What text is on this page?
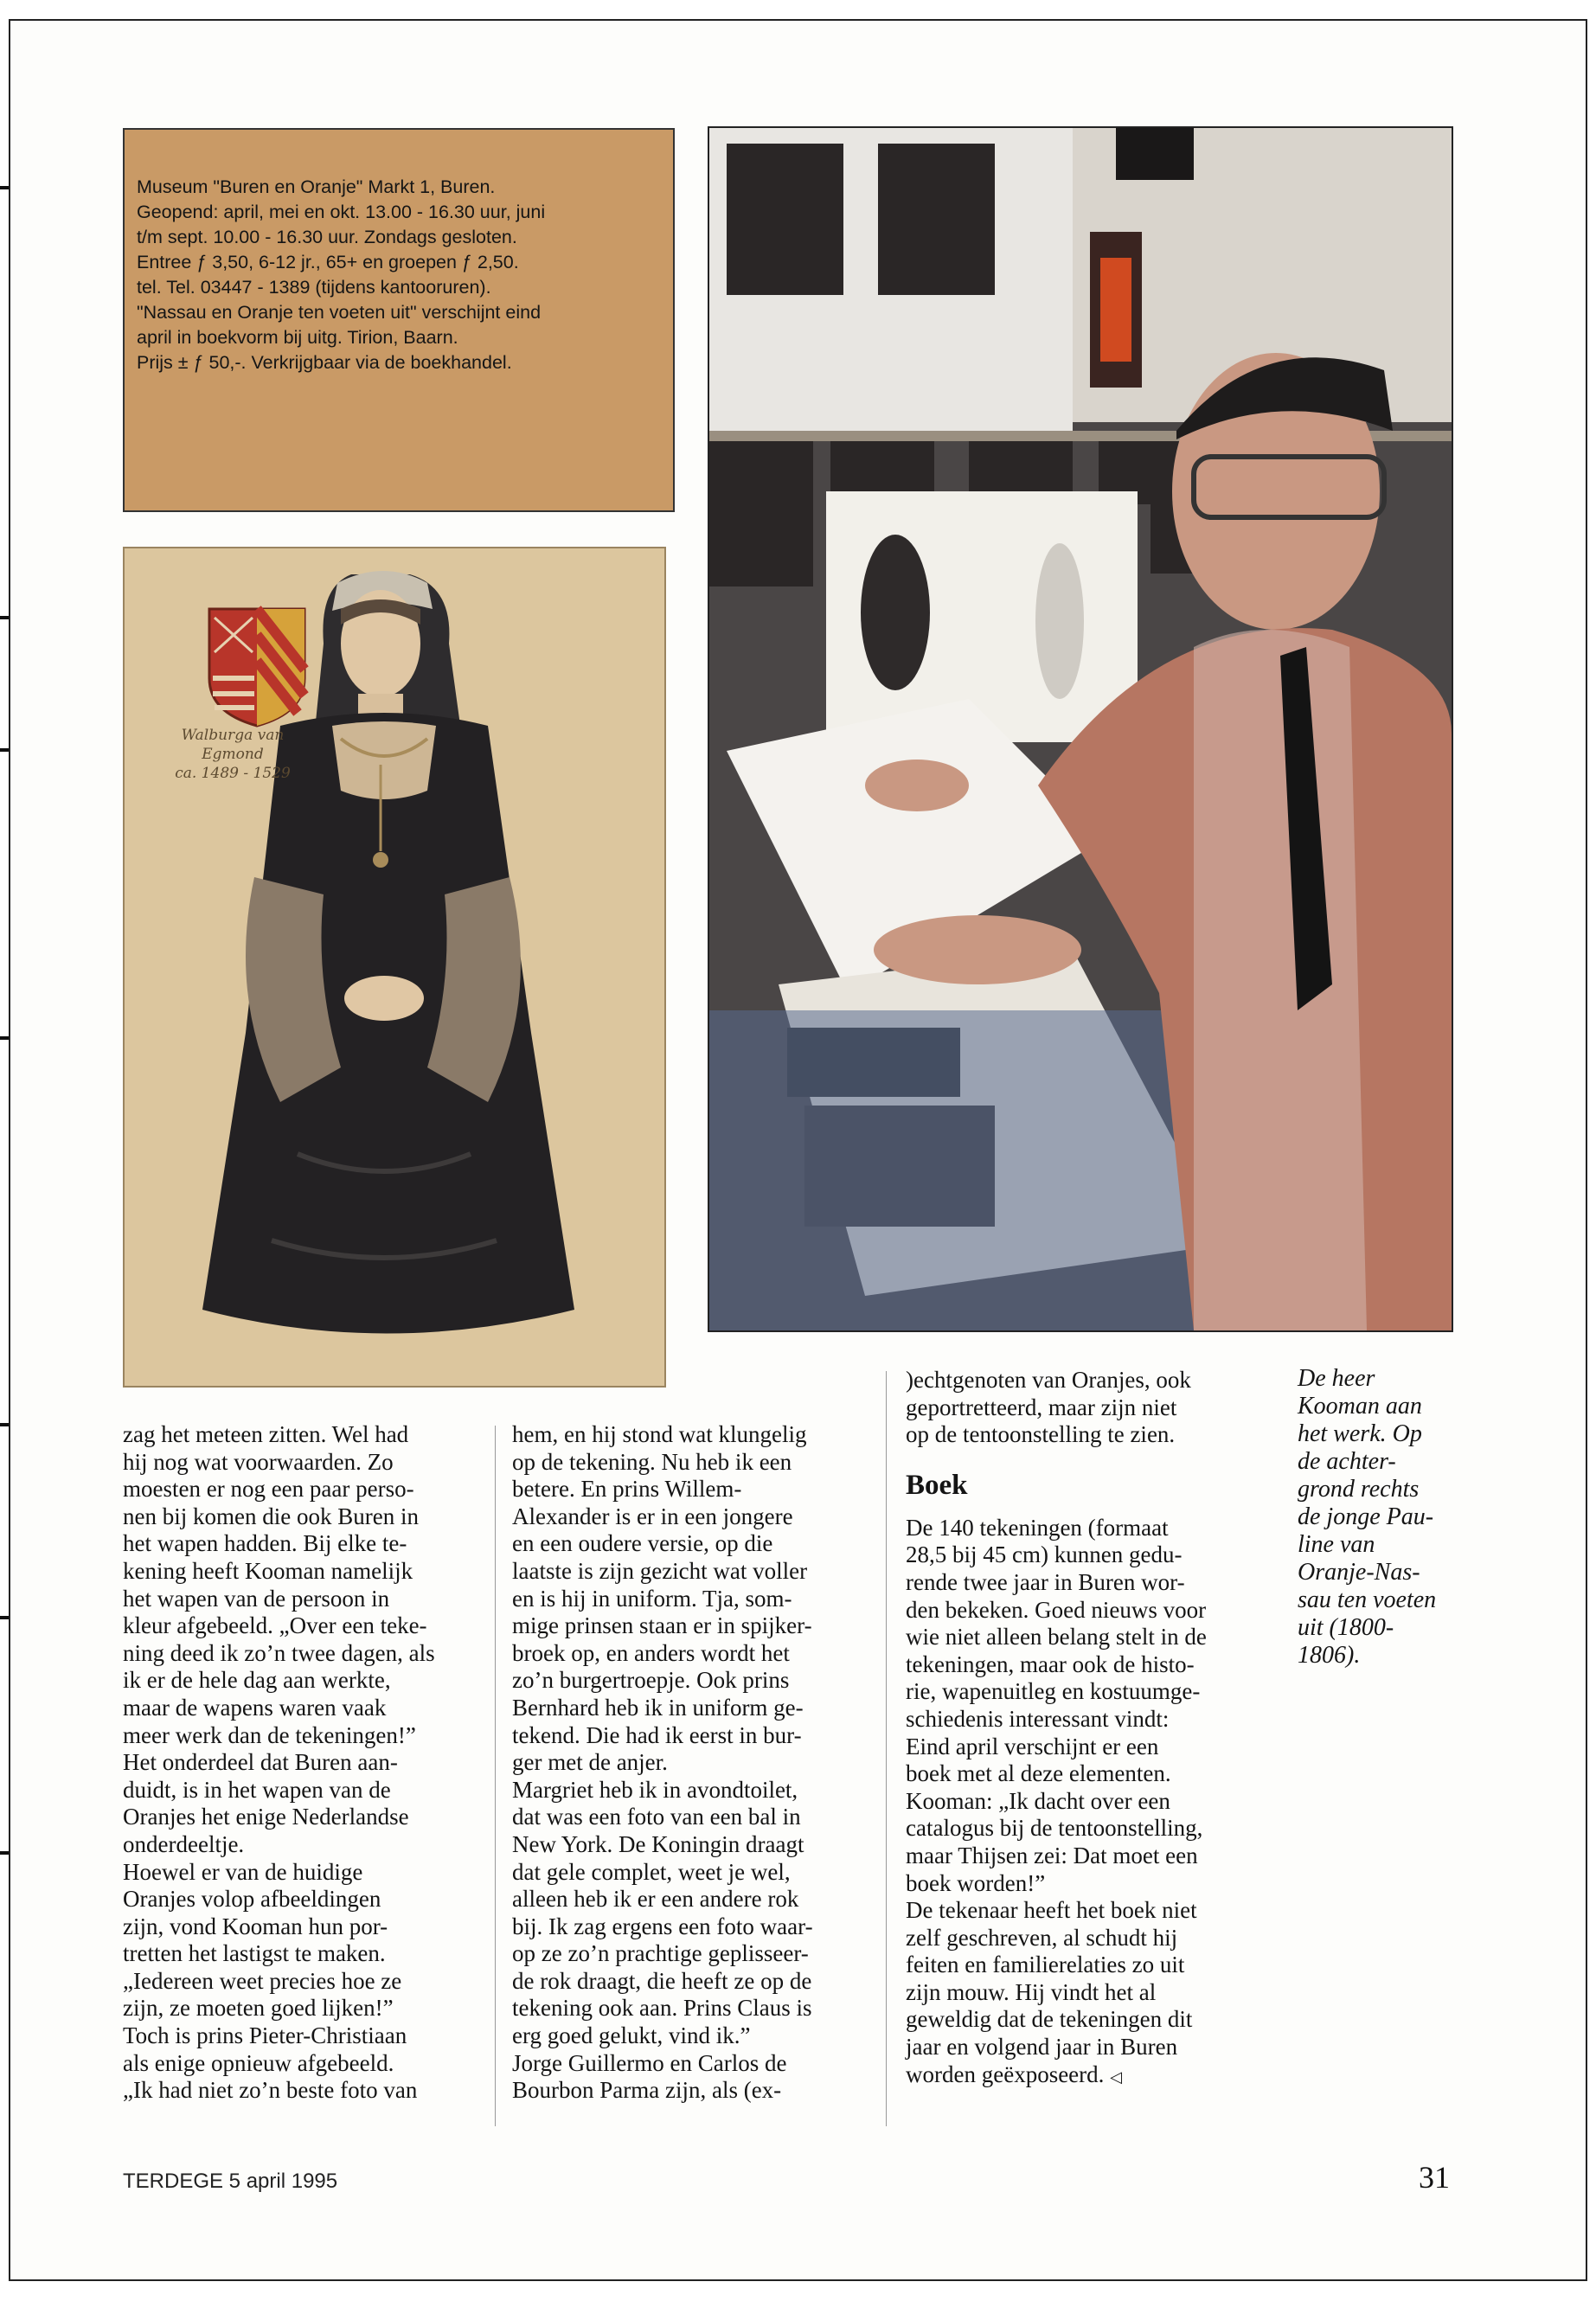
Museum "Buren en Oranje" Markt 1, Buren.

Geopend: april, mei en okt. 13.00 - 16.30 uur, juni

t/m sept. 10.00 - 16.30 uur. Zondags gesloten.

Entree ƒ 3,50, 6-12 jr., 65+ en groepen ƒ 2,50.

tel. Tel. 03447 - 1389 (tijdens kantooruren).

"Nassau en Oranje ten voeten uit" verschijnt eind

april in boekvorm bij uitg. Tirion, Baarn.

Prijs ± ƒ 50,-. Verkrijgbaar via de boekhandel.

Walburga van Egmond
ca. 1489 - 1529

zag het meteen zitten. Wel had

hij nog wat voorwaarden. Zo

moesten er nog een paar perso-

nen bij komen die ook Buren in

het wapen hadden. Bij elke te-

kening heeft Kooman namelijk

het wapen van de persoon in

kleur afgebeeld. „Over een teke-

ning deed ik zo’n twee dagen, als

ik er de hele dag aan werkte,

maar de wapens waren vaak

meer werk dan de tekeningen!”

Het onderdeel dat Buren aan-

duidt, is in het wapen van de

Oranjes het enige Nederlandse

onderdeeltje.

Hoewel er van de huidige

Oranjes volop afbeeldingen

zijn, vond Kooman hun por-

tretten het lastigst te maken.

„Iedereen weet precies hoe ze

zijn, ze moeten goed lijken!”

Toch is prins Pieter-Christiaan

als enige opnieuw afgebeeld.

„Ik had niet zo’n beste foto van

hem, en hij stond wat klungelig

op de tekening. Nu heb ik een

betere. En prins Willem-

Alexander is er in een jongere

en een oudere versie, op die

laatste is zijn gezicht wat voller

en is hij in uniform. Tja, som-

mige prinsen staan er in spijker-

broek op, en anders wordt het

zo’n burgertroepje. Ook prins

Bernhard heb ik in uniform ge-

tekend. Die had ik eerst in bur-

ger met de anjer.

Margriet heb ik in avondtoilet,

dat was een foto van een bal in

New York. De Koningin draagt

dat gele complet, weet je wel,

alleen heb ik er een andere rok

bij. Ik zag ergens een foto waar-

op ze zo’n prachtige geplisseer-

de rok draagt, die heeft ze op de

tekening ook aan. Prins Claus is

erg goed gelukt, vind ik.”

Jorge Guillermo en Carlos de

Bourbon Parma zijn, als (ex-

)echtgenoten van Oranjes, ook

geportretteerd, maar zijn niet

op de tentoonstelling te zien.

Boek

De 140 tekeningen (formaat

28,5 bij 45 cm) kunnen gedu-

rende twee jaar in Buren wor-

den bekeken. Goed nieuws voor

wie niet alleen belang stelt in de

tekeningen, maar ook de histo-

rie, wapenuitleg en kostuumge-

schiedenis interessant vindt:

Eind april verschijnt er een

boek met al deze elementen.

Kooman: „Ik dacht over een

catalogus bij de tentoonstelling,

maar Thijsen zei: Dat moet een

boek worden!”

De tekenaar heeft het boek niet

zelf geschreven, al schudt hij

feiten en familierelaties zo uit

zijn mouw. Hij vindt het al

geweldig dat de tekeningen dit

jaar en volgend jaar in Buren

worden geëxposeerd. ◁

De heer

Kooman aan

het werk. Op

de achter-

grond rechts

de jonge Pau-

line van

Oranje-Nas-

sau ten voeten

uit (1800-

1806).

TERDEGE 5 april 1995	31
